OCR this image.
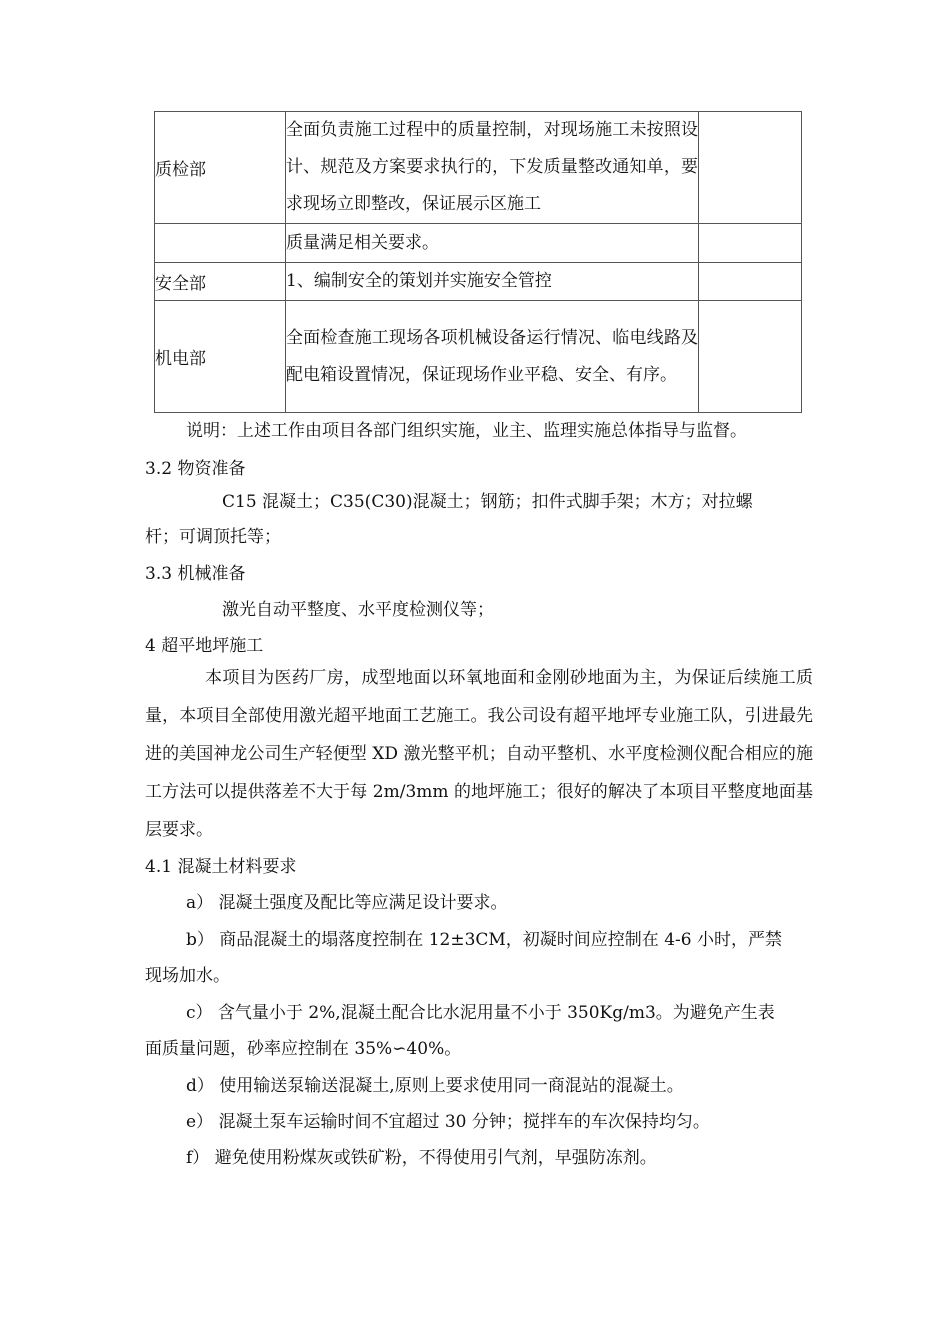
质检部	全面负责施工过程中的质量控制，对现场施工未按照设计、规范及方案要求执行的，下发质量整改通知单，要求现场立即整改，保证展示区施工	
	质量满足相关要求。	
安全部	1、编制安全的策划并实施安全管控	
机电部	全面检查施工现场各项机械设备运行情况、临电线路及配电箱设置情况，保证现场作业平稳、安全、有序。	
说明：上述工作由项目各部门组织实施，业主、监理实施总体指导与监督。
3.2 物资准备
C15 混凝土；C35(C30)混凝土；钢筋；扣件式脚手架；木方；对拉螺
杆；可调顶托等；
3.3 机械准备
激光自动平整度、水平度检测仪等；
4 超平地坪施工
本项目为医药厂房，成型地面以环氧地面和金刚砂地面为主，为保证后续施工质量，本项目全部使用激光超平地面工艺施工。我公司设有超平地坪专业施工队，引进最先进的美国神龙公司生产轻便型 XD 激光整平机；自动平整机、水平度检测仪配合相应的施工方法可以提供落差不大于每 2m/3mm 的地坪施工；很好的解决了本项目平整度地面基层要求。
4.1 混凝土材料要求
a） 混凝土强度及配比等应满足设计要求。
b） 商品混凝土的塌落度控制在 12±3CM，初凝时间应控制在 4-6 小时，严禁
现场加水。
c） 含气量小于 2%,混凝土配合比水泥用量不小于 350Kg/m3。为避免产生表
面质量问题，砂率应控制在 35%∽40%。
d） 使用输送泵输送混凝土,原则上要求使用同一商混站的混凝土。
e） 混凝土泵车运输时间不宜超过 30 分钟；搅拌车的车次保持均匀。
f） 避免使用粉煤灰或铁矿粉，不得使用引气剂，早强防冻剂。
